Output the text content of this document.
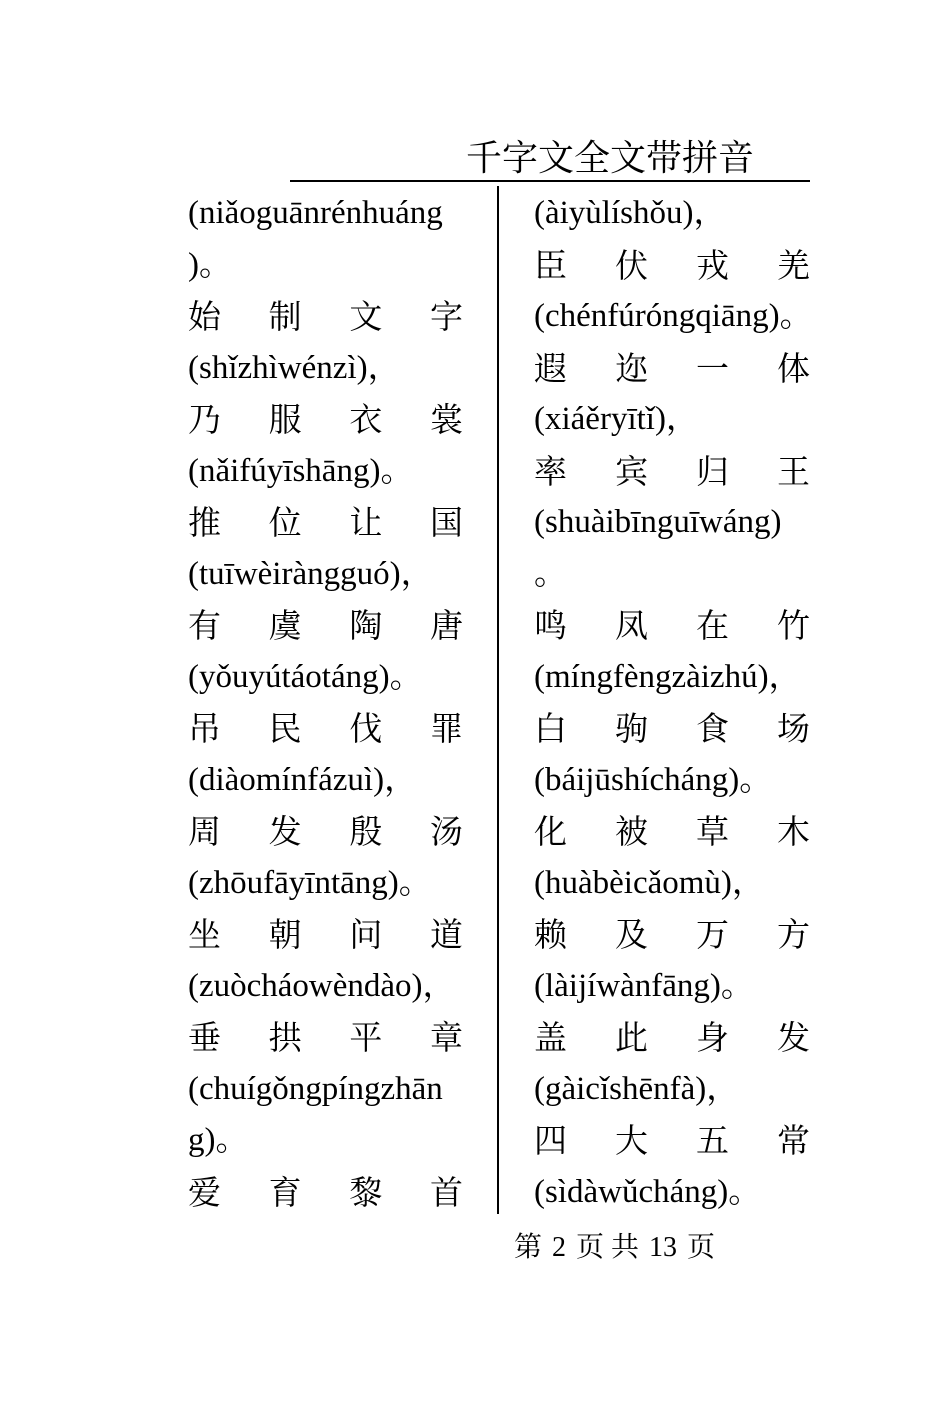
千字文全文带拼音
(niǎoguānrénhuáng
)。
始 制 文 字
(shǐzhìwénzì)，
乃 服 衣 裳
(nǎifúyīshāng)。
推 位 让 国
(tuīwèiràngguó)，
有 虞 陶 唐
(yǒuyútáotáng)。
吊 民 伐 罪
(diàomínfázuì)，
周 发 殷 汤
(zhōufāyīntāng)。
坐 朝 问 道
(zuòcháowèndào)，
垂 拱 平 章
(chuígǒngpíngzhān
g)。
爱 育 黎 首
(àiyùlíshǒu)，
臣 伏 戎 羌
(chénfúróngqiāng)。
遐 迩 一 体
(xiáěryītǐ)，
率 宾 归 王
(shuàibīnguīwáng)
。
鸣 凤 在 竹
(míngfèngzàizhú)，
白 驹 食 场
(báijūshícháng)。
化 被 草 木
(huàbèicǎomù)，
赖 及 万 方
(làijíwànfāng)。
盖 此 身 发
(gàicǐshēnfà)，
四 大 五 常
(sìdàwǔcháng)。
第 2 页 共 13 页
